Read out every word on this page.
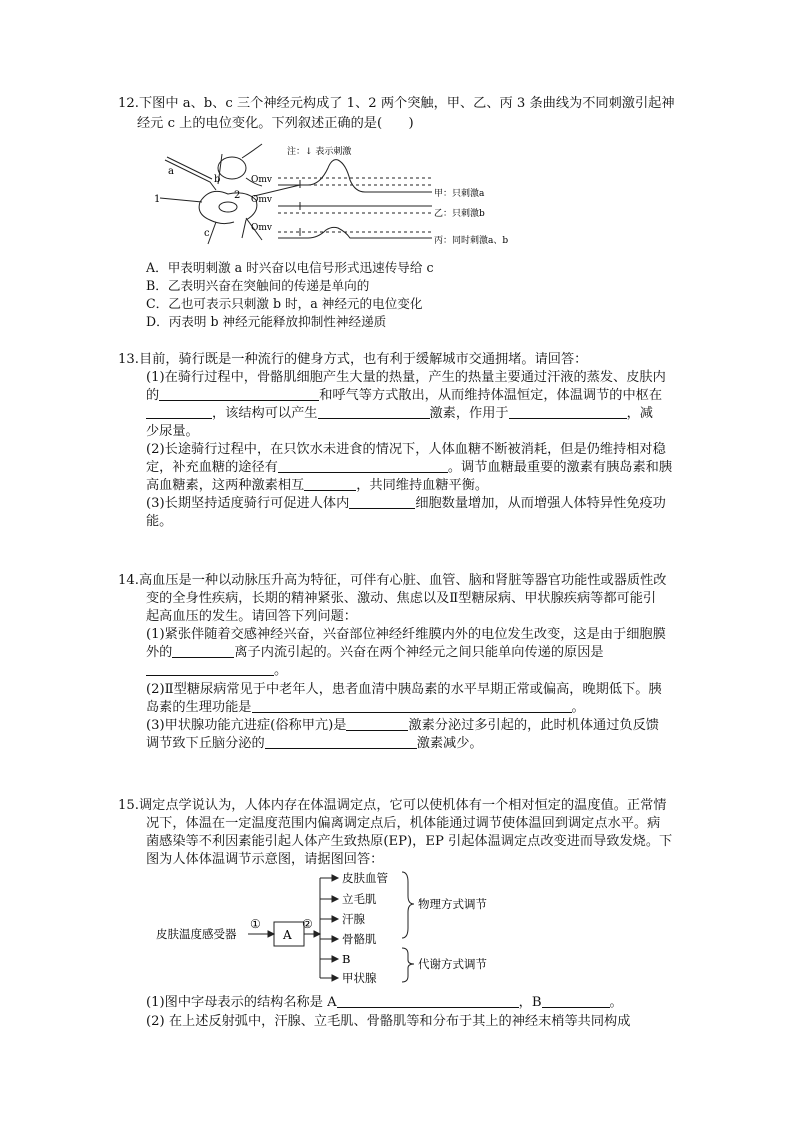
12.下图中 a、b、c 三个神经元构成了 1、2 两个突触，甲、乙、丙 3 条曲线为不同刺激引起神
经元 c 上的电位变化。下列叙述正确的是(　　)
a
b
c
1	2
注：↓ 表示刺激
Omv
Omv
Omv
甲：只刺激a
乙：只刺激b
丙：同时刺激a、b
A．甲表明刺激 a 时兴奋以电信号形式迅速传导给 c
B．乙表明兴奋在突触间的传递是单向的
C．乙也可表示只刺激 b 时，a 神经元的电位变化
D．丙表明 b 神经元能释放抑制性神经递质
13.目前，骑行既是一种流行的健身方式，也有利于缓解城市交通拥堵。请回答：
(1)在骑行过程中，骨骼肌细胞产生大量的热量，产生的热量主要通过汗液的蒸发、皮肤内
的	和呼气等方式散出，从而维持体温恒定，体温调节的中枢在
，该结构可以产生	激素，作用于	，减
少尿量。
(2)长途骑行过程中，在只饮水未进食的情况下，人体血糖不断被消耗，但是仍维持相对稳
定，补充血糖的途径有	。调节血糖最重要的激素有胰岛素和胰
高血糖素，这两种激素相互	，共同维持血糖平衡。
(3)长期坚持适度骑行可促进人体内	细胞数量增加，从而增强人体特异性免疫功
能。
14.高血压是一种以动脉压升高为特征，可伴有心脏、血管、脑和肾脏等器官功能性或器质性改
变的全身性疾病，长期的精神紧张、激动、焦虑以及Ⅱ型糖尿病、甲状腺疾病等都可能引
起高血压的发生。请回答下列问题：
(1)紧张伴随着交感神经兴奋，兴奋部位神经纤维膜内外的电位发生改变，这是由于细胞膜
外的	离子内流引起的。兴奋在两个神经元之间只能单向传递的原因是
。
(2)Ⅱ型糖尿病常见于中老年人，患者血清中胰岛素的水平早期正常或偏高，晚期低下。胰
岛素的生理功能是	。
(3)甲状腺功能亢进症(俗称甲亢)是	激素分泌过多引起的，此时机体通过负反馈
调节致下丘脑分泌的	激素减少。
15.调定点学说认为，人体内存在体温调定点，它可以使机体有一个相对恒定的温度值。正常情
况下，体温在一定温度范围内偏离调定点后，机体能通过调节使体温回到调定点水平。病
菌感染等不利因素能引起人体产生致热原(EP)，EP 引起体温调定点改变进而导致发烧。下
图为人体体温调节示意图，请据图回答：
皮肤温度感受器
①	②
A
皮肤血管
立毛肌
汗腺
骨骼肌
B
甲状腺
物理方式调节
代谢方式调节
(1)图中字母表示的结构名称是 A	，B	。
(2) 在上述反射弧中，汗腺、立毛肌、骨骼肌等和分布于其上的神经末梢等共同构成
